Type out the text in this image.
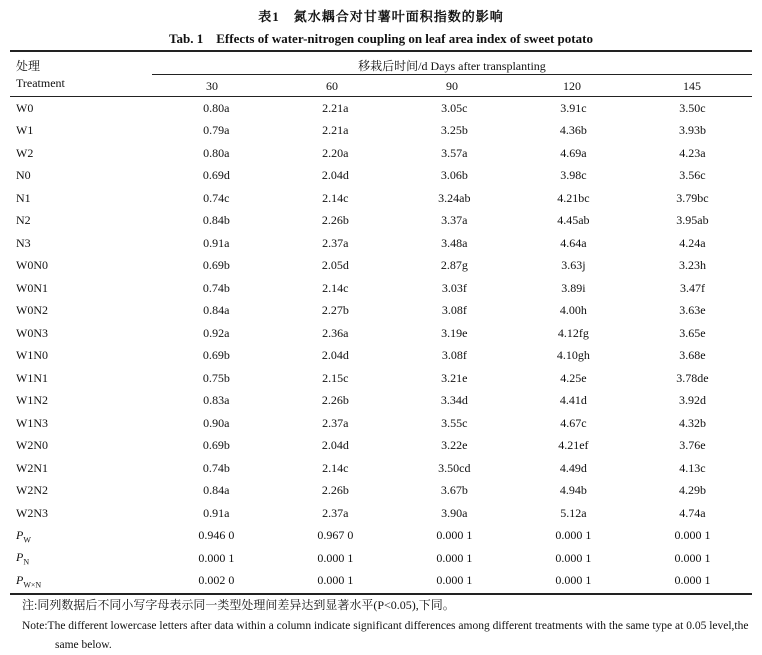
表1　氮水耦合对甘薯叶面积指数的影响
Tab. 1　Effects of water-nitrogen coupling on leaf area index of sweet potato
处理
Treatment
移栽后时间/d Days after transplanting
30	60	90	120	145
W0	0.80a	2.21a	3.05c	3.91c	3.50c
W1	0.79a	2.21a	3.25b	4.36b	3.93b
W2	0.80a	2.20a	3.57a	4.69a	4.23a
N0	0.69d	2.04d	3.06b	3.98c	3.56c
N1	0.74c	2.14c	3.24ab	4.21bc	3.79bc
N2	0.84b	2.26b	3.37a	4.45ab	3.95ab
N3	0.91a	2.37a	3.48a	4.64a	4.24a
W0N0	0.69b	2.05d	2.87g	3.63j	3.23h
W0N1	0.74b	2.14c	3.03f	3.89i	3.47f
W0N2	0.84a	2.27b	3.08f	4.00h	3.63e
W0N3	0.92a	2.36a	3.19e	4.12fg	3.65e
W1N0	0.69b	2.04d	3.08f	4.10gh	3.68e
W1N1	0.75b	2.15c	3.21e	4.25e	3.78de
W1N2	0.83a	2.26b	3.34d	4.41d	3.92d
W1N3	0.90a	2.37a	3.55c	4.67c	4.32b
W2N0	0.69b	2.04d	3.22e	4.21ef	3.76e
W2N1	0.74b	2.14c	3.50cd	4.49d	4.13c
W2N2	0.84a	2.26b	3.67b	4.94b	4.29b
W2N3	0.91a	2.37a	3.90a	5.12a	4.74a
$P_W$	0.946 0	0.967 0	0.000 1	0.000 1	0.000 1
$P_N$	0.000 1	0.000 1	0.000 1	0.000 1	0.000 1
$P_{W\times N}$	0.002 0	0.000 1	0.000 1	0.000 1	0.000 1
注:同列数据后不同小写字母表示同一类型处理间差异达到显著水平(P<0.05),下同。
Note:The different lowercase letters after data within a column indicate significant differences among different treatments with the same type at 0.05 level,the same below.
